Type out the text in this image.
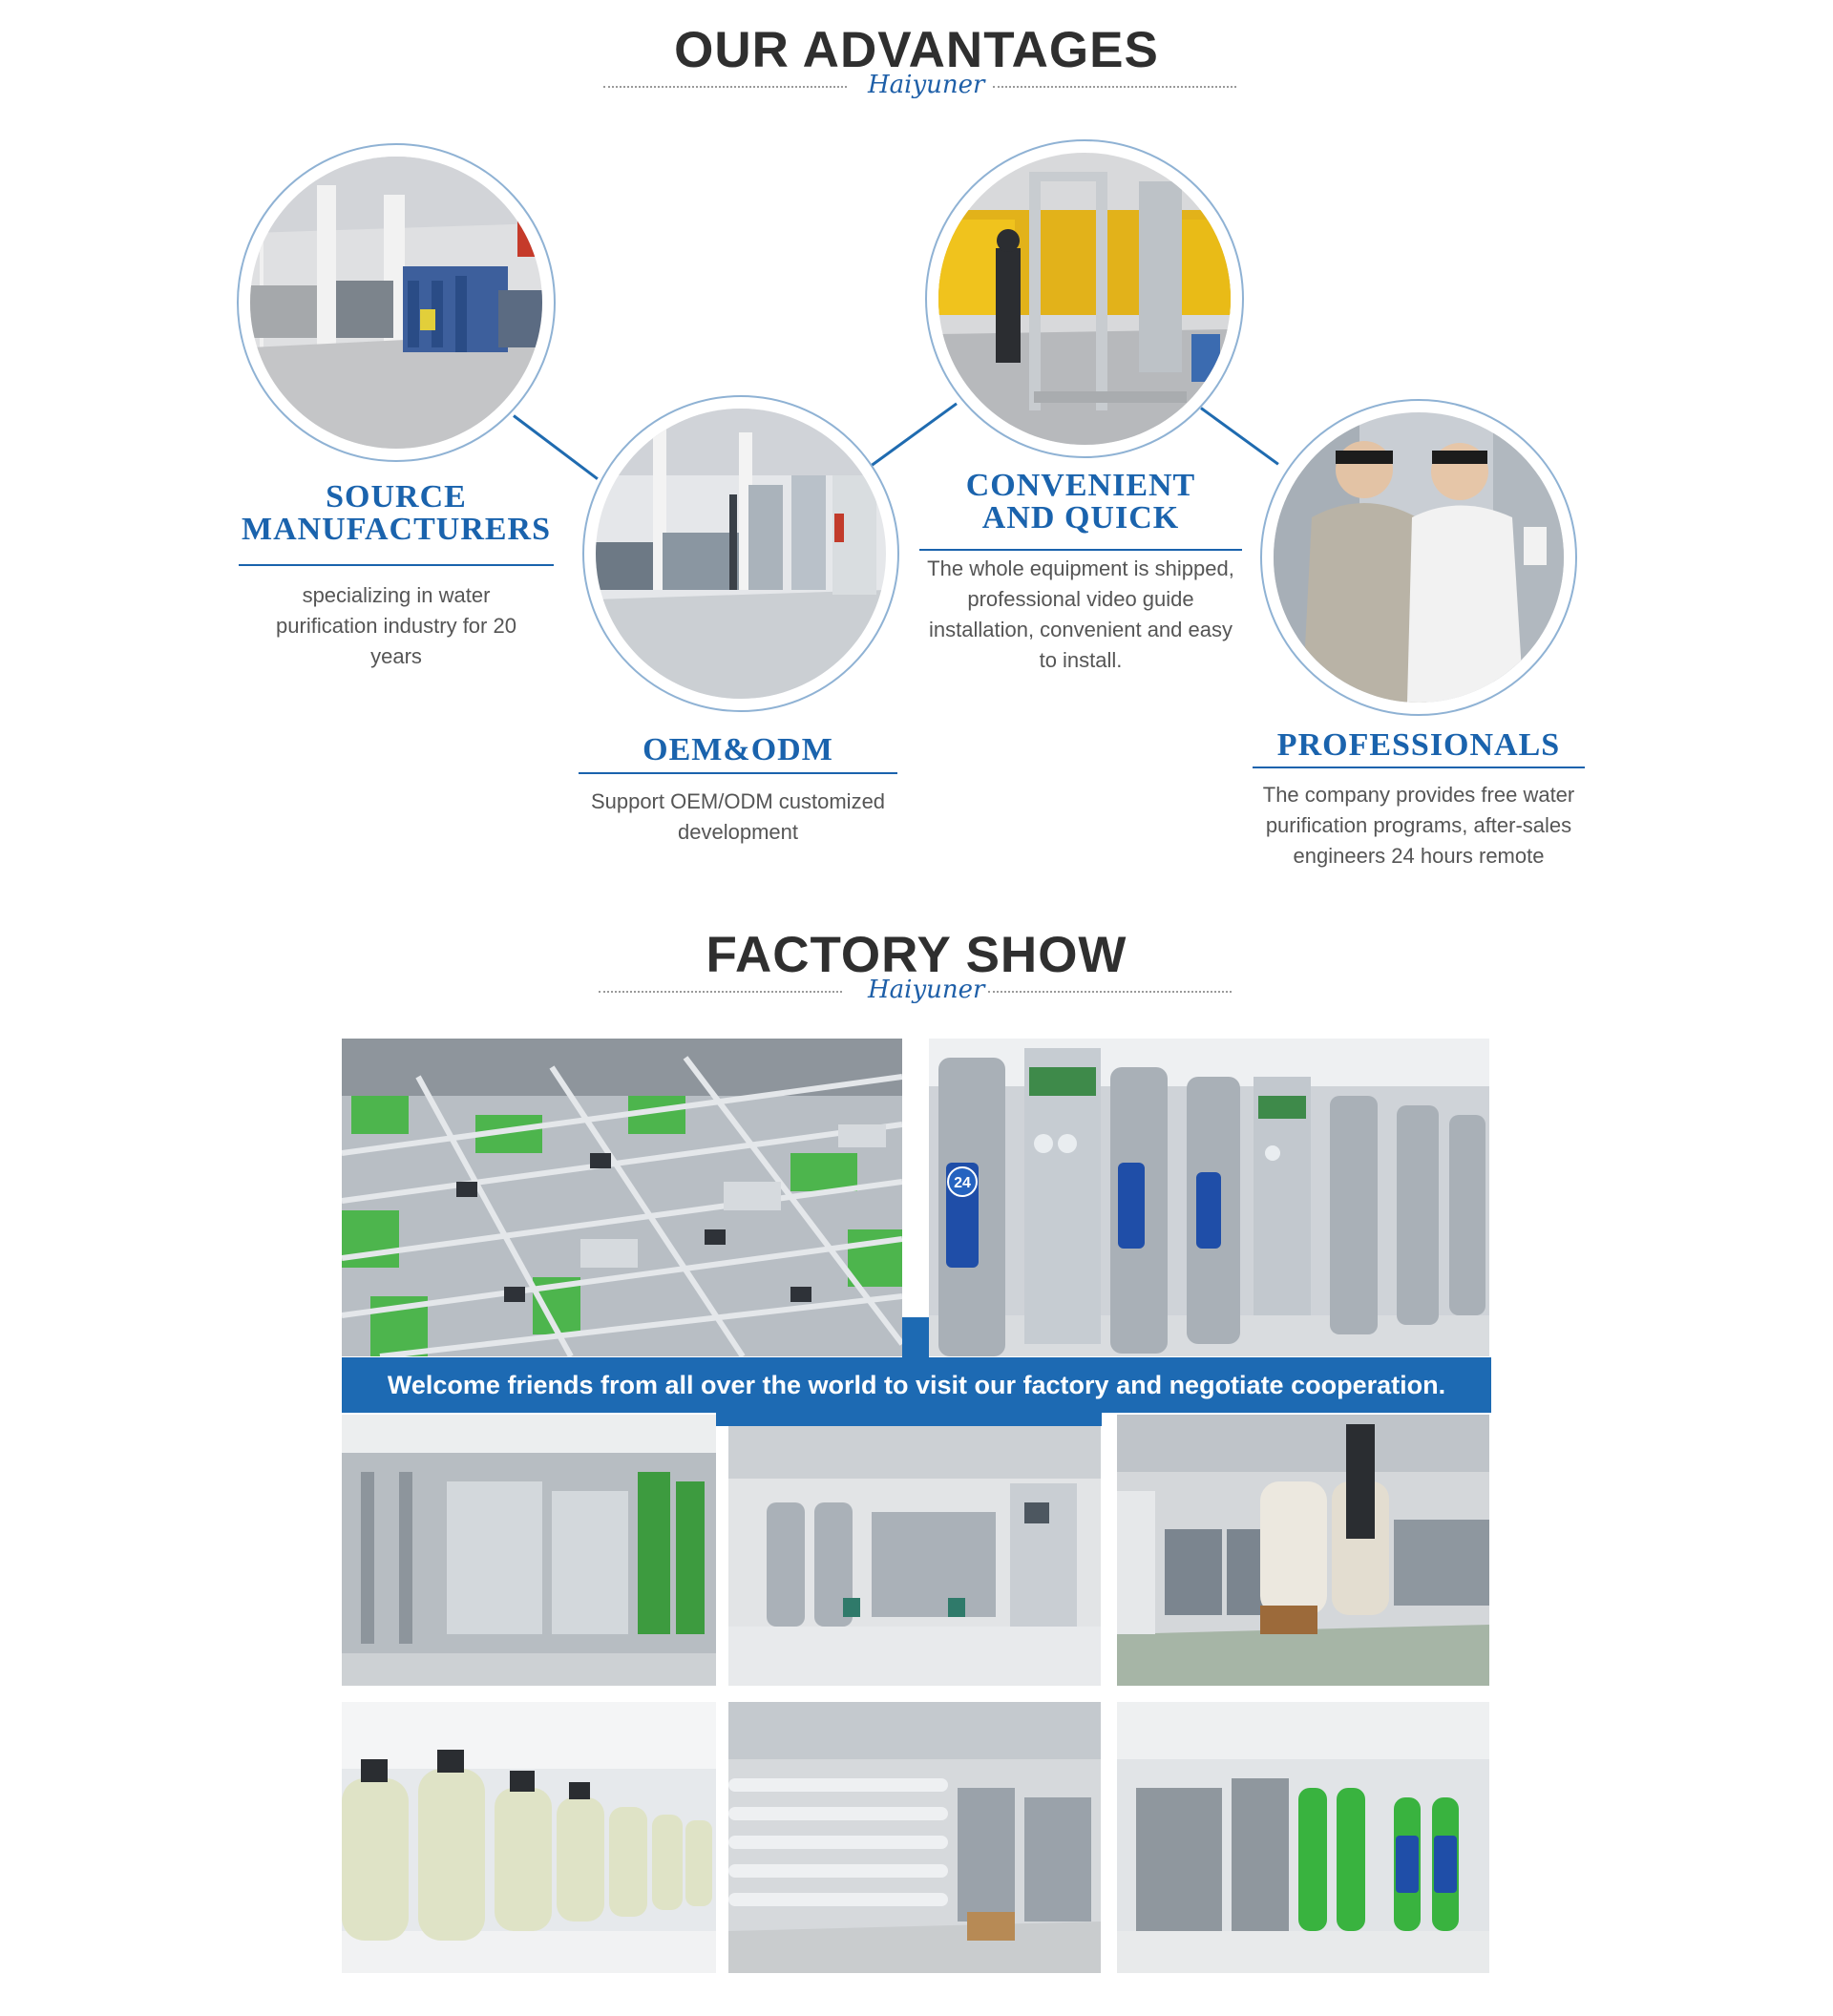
OUR ADVANTAGES
Haiyuner
SOURCE
MANUFACTURERS
specializing in water purification industry for 20 years
OEM&ODM
Support OEM/ODM customized development
CONVENIENT
AND QUICK
The whole equipment is shipped, professional video guide installation, convenient and easy to install.
PROFESSIONALS
The company provides free water purification programs, after-sales engineers 24 hours remote
FACTORY SHOW
Haiyuner
24
Welcome friends from all over the world to visit our factory and negotiate cooperation.
